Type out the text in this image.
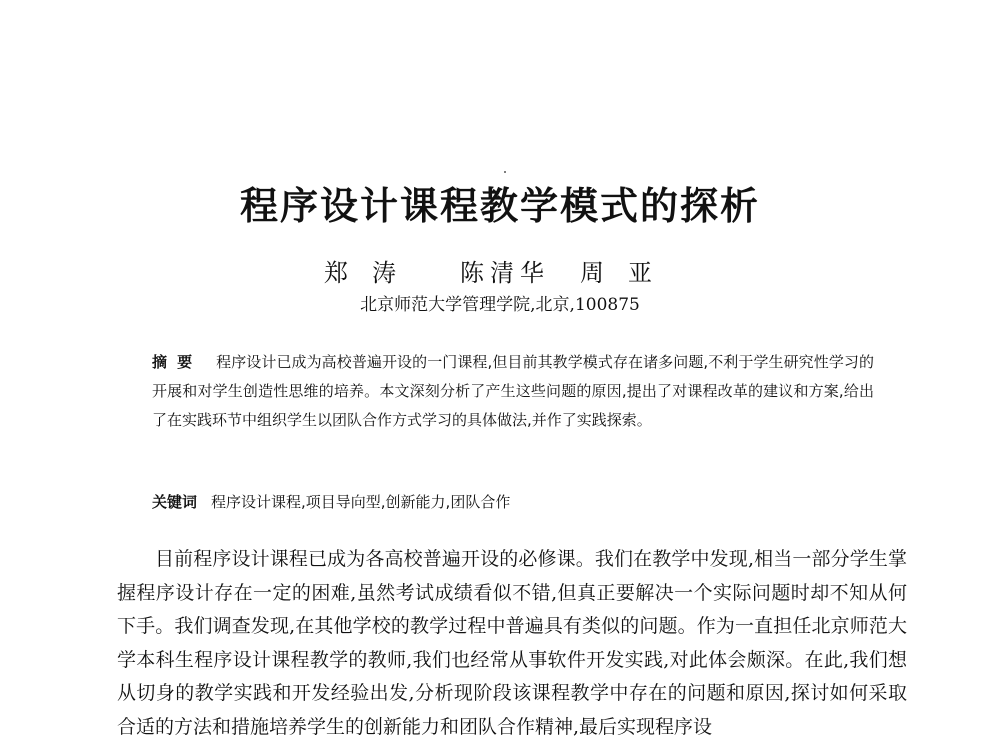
程序设计课程教学模式的探析
郑涛 陈清华 周亚
北京师范大学管理学院,北京,100875
摘要 程序设计已成为高校普遍开设的一门课程,但目前其教学模式存在诸多问题,不利于学生研究性学习的开展和对学生创造性思维的培养。本文深刻分析了产生这些问题的原因,提出了对课程改革的建议和方案,给出了在实践环节中组织学生以团队合作方式学习的具体做法,并作了实践探索。
关键词 程序设计课程,项目导向型,创新能力,团队合作
目前程序设计课程已成为各高校普遍开设的必修课。我们在教学中发现,相当一部分学生掌握程序设计存在一定的困难,虽然考试成绩看似不错,但真正要解决一个实际问题时却不知从何下手。我们调查发现,在其他学校的教学过程中普遍具有类似的问题。作为一直担任北京师范大学本科生程序设计课程教学的教师,我们也经常从事软件开发实践,对此体会颇深。在此,我们想从切身的教学实践和开发经验出发,分析现阶段该课程教学中存在的问题和原因,探讨如何采取合适的方法和措施培养学生的创新能力和团队合作精神,最后实现程序设
